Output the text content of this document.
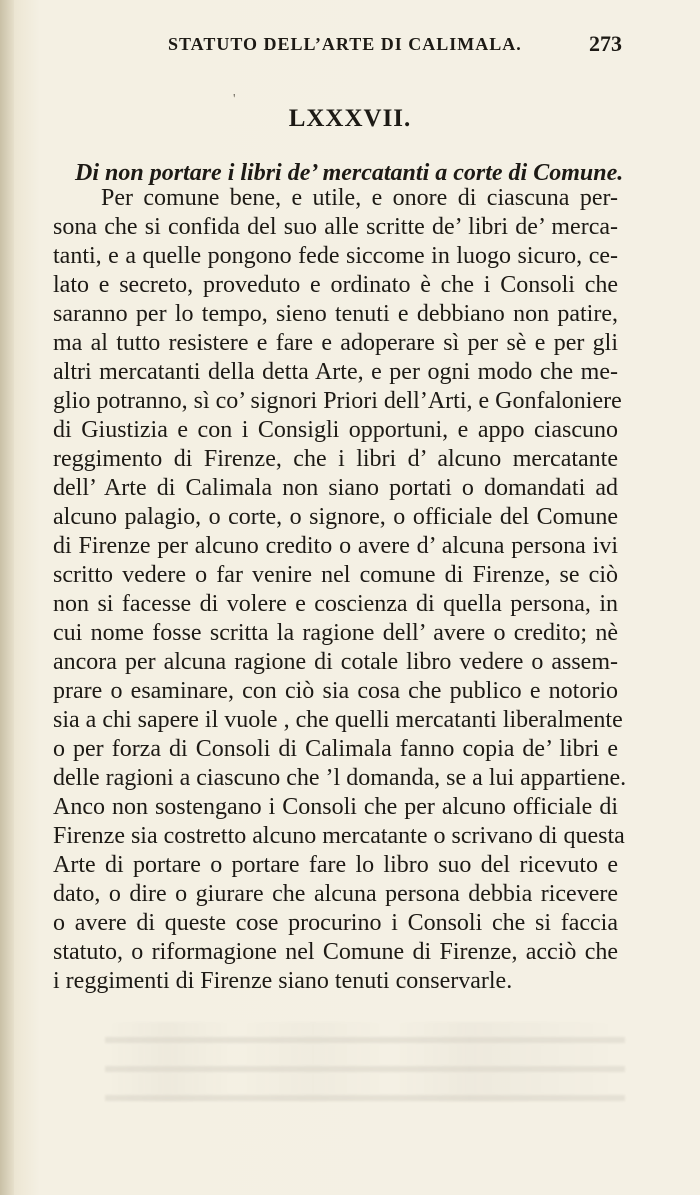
STATUTO DELL’ARTE DI CALIMALA.	273
'
LXXXVII.
Di non portare i libri de’ mercatanti a corte di Comune.
Per comune bene, e utile, e onore di ciascuna per-
sona che si confida del suo alle scritte de’ libri de’ merca-
tanti, e a quelle pongono fede siccome in luogo sicuro, ce-
lato e secreto, proveduto e ordinato è che i Consoli che
saranno per lo tempo, sieno tenuti e debbiano non patire,
ma al tutto resistere e fare e adoperare sì per sè e per gli
altri mercatanti della detta Arte, e per ogni modo che me-
glio potranno, sì co’ signori Priori dell’Arti, e Gonfaloniere
di Giustizia e con i Consigli opportuni, e appo ciascuno
reggimento di Firenze, che i libri d’ alcuno mercatante
dell’ Arte di Calimala non siano portati o domandati ad
alcuno palagio, o corte, o signore, o officiale del Comune
di Firenze per alcuno credito o avere d’ alcuna persona ivi
scritto vedere o far venire nel comune di Firenze, se ciò
non si facesse di volere e coscienza di quella persona, in
cui nome fosse scritta la ragione dell’ avere o credito; nè
ancora per alcuna ragione di cotale libro vedere o assem-
prare o esaminare, con ciò sia cosa che publico e notorio
sia a chi sapere il vuole , che quelli mercatanti liberalmente
o per forza di Consoli di Calimala fanno copia de’ libri e
delle ragioni a ciascuno che ’l domanda, se a lui appartiene.
Anco non sostengano i Consoli che per alcuno officiale di
Firenze sia costretto alcuno mercatante o scrivano di questa
Arte di portare o portare fare lo libro suo del ricevuto e
dato, o dire o giurare che alcuna persona debbia ricevere
o avere di queste cose procurino i Consoli che si faccia
statuto, o riformagione nel Comune di Firenze, acciò che
i reggimenti di Firenze siano tenuti conservarle.
